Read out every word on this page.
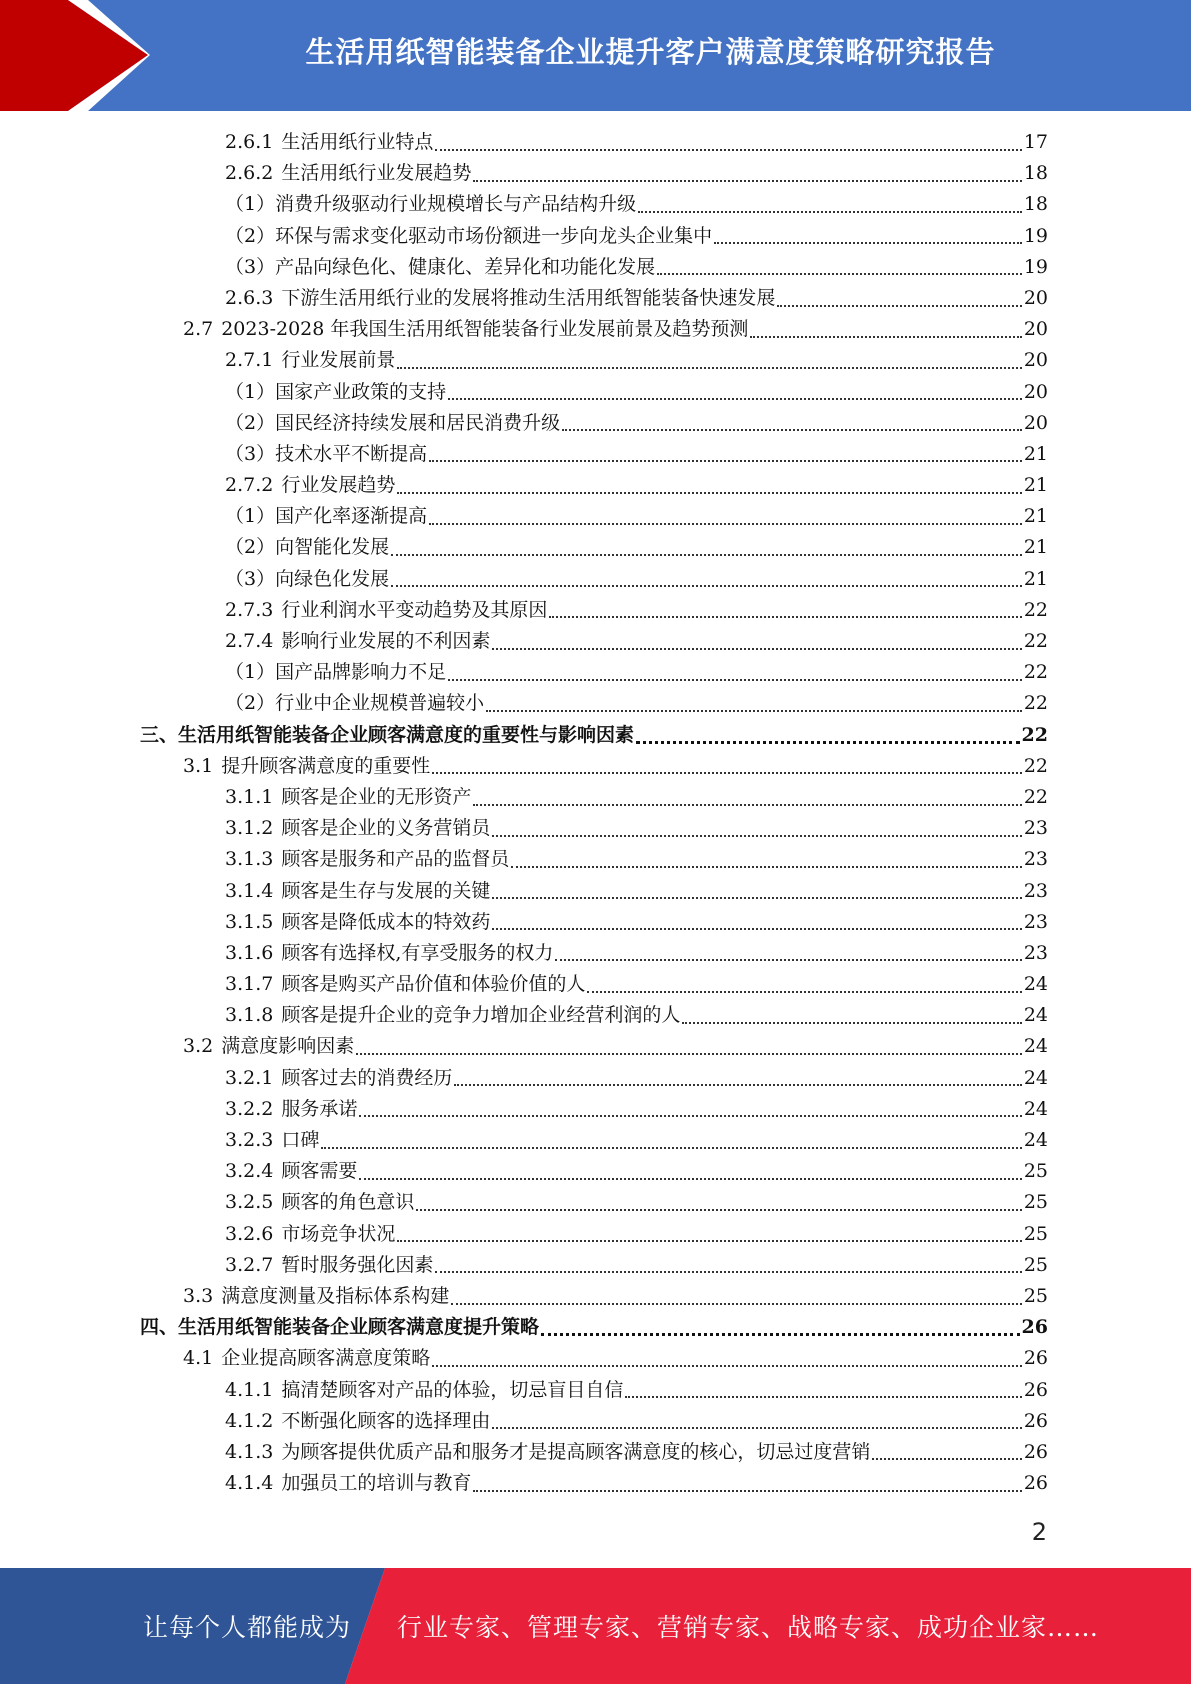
生活用纸智能装备企业提升客户满意度策略研究报告
2.6.1 生活用纸行业特点	17
2.6.2 生活用纸行业发展趋势	18
（1） 消费升级驱动行业规模增长与产品结构升级	18
（2） 环保与需求变化驱动市场份额进一步向龙头企业集中	19
（3） 产品向绿色化、健康化、差异化和功能化发展	19
2.6.3 下游生活用纸行业的发展将推动生活用纸智能装备快速发展	20
2.7 2023-2028 年我国生活用纸智能装备行业发展前景及趋势预测	20
2.7.1 行业发展前景	20
（1） 国家产业政策的支持	20
（2） 国民经济持续发展和居民消费升级	20
（3） 技术水平不断提高	21
2.7.2 行业发展趋势	21
（1） 国产化率逐渐提高	21
（2） 向智能化发展	21
（3） 向绿色化发展	21
2.7.3 行业利润水平变动趋势及其原因	22
2.7.4 影响行业发展的不利因素	22
（1） 国产品牌影响力不足	22
（2） 行业中企业规模普遍较小	22
三、 生活用纸智能装备企业顾客满意度的重要性与影响因素	22
3.1 提升顾客满意度的重要性	22
3.1.1 顾客是企业的无形资产	22
3.1.2 顾客是企业的义务营销员	23
3.1.3 顾客是服务和产品的监督员	23
3.1.4 顾客是生存与发展的关键	23
3.1.5 顾客是降低成本的特效药	23
3.1.6 顾客有选择权,有享受服务的权力	23
3.1.7 顾客是购买产品价值和体验价值的人	24
3.1.8 顾客是提升企业的竞争力增加企业经营利润的人	24
3.2 满意度影响因素	24
3.2.1 顾客过去的消费经历	24
3.2.2 服务承诺	24
3.2.3 口碑	24
3.2.4 顾客需要	25
3.2.5 顾客的角色意识	25
3.2.6 市场竞争状况	25
3.2.7 暂时服务强化因素	25
3.3 满意度测量及指标体系构建	25
四、 生活用纸智能装备企业顾客满意度提升策略	26
4.1 企业提高顾客满意度策略	26
4.1.1 搞清楚顾客对产品的体验，切忌盲目自信	26
4.1.2 不断强化顾客的选择理由	26
4.1.3 为顾客提供优质产品和服务才是提高顾客满意度的核心，切忌过度营销	26
4.1.4 加强员工的培训与教育	26
2
让每个人都能成为 行业专家、管理专家、营销专家、战略专家、成功企业家……
